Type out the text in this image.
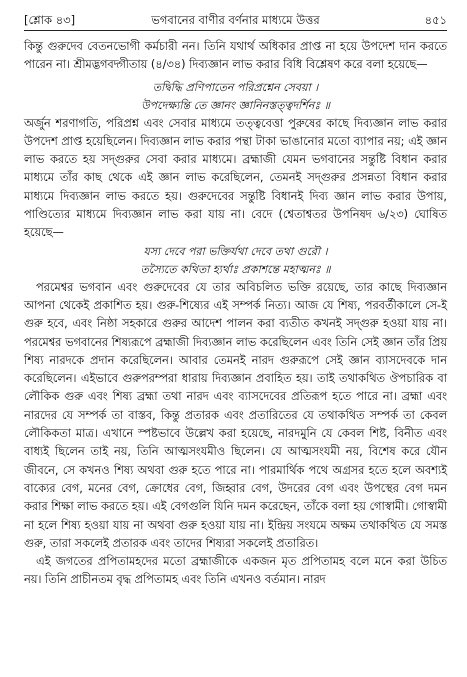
[শ্লোক ৪৩]	ভগবানের বাণীর বর্ণনার মাধ্যমে উত্তর	৪৫১

কিন্তু গুরুদেব বেতনভোগী কর্মচারী নন। তিনি যথার্থ অধিকার প্রাপ্ত না হয়ে উপদেশ দান করতে পারেন না। শ্রীমদ্ভগবদ্গীতায় (৪/৩৪) দিব্যজ্ঞান লাভ করার বিধি বিশ্লেষণ করে বলা হয়েছে—

তদ্বিদ্ধি প্রণিপাতেন পরিপ্রশ্নেন সেবয়া ।

উপদেক্ষ্যন্তি তে জ্ঞানং জ্ঞানিনস্তত্ত্বদর্শিনঃ ॥

অর্জুন শরণাগতি, পরিপ্রশ্ন এবং সেবার মাধ্যমে তত্ত্ববেত্তা পুরুষের কাছে দিব্যজ্ঞান লাভ করার উপদেশ প্রাপ্ত হয়েছিলেন। দিব্যজ্ঞান লাভ করার পন্থা টাকা ভাঙানোর মতো ব্যাপার নয়; এই জ্ঞান লাভ করতে হয় সদ্গুরুর সেবা করার মাধ্যমে। ব্রহ্মাজী যেমন ভগবানের সন্তুষ্টি বিধান করার মাধ্যমে তাঁর কাছ থেকে এই জ্ঞান লাভ করেছিলেন, তেমনই সদ্গুরুর প্রসন্নতা বিধান করার মাধ্যমে দিব্যজ্ঞান লাভ করতে হয়। গুরুদেবের সন্তুষ্টি বিধানই দিব্য জ্ঞান লাভ করার উপায়, পাণ্ডিত্যের মাধ্যমে দিব্যজ্ঞান লাভ করা যায় না। বেদে (শ্বেতাশ্বতর উপনিষদ ৬/২৩) ঘোষিত হয়েছে—

যস্য দেবে পরা ভক্তির্যথা দেবে তথা গুরৌ ।

তস্যৈতে কথিতা হ্যর্থাঃ প্রকাশন্তে মহাত্মনঃ ॥

পরমেশ্বর ভগবান এবং গুরুদেবের যে তার অবিচলিত ভক্তি রয়েছে, তার কাছে দিব্যজ্ঞান আপনা থেকেই প্রকাশিত হয়। গুরু-শিষ্যের এই সম্পর্ক নিত্য। আজ যে শিষ্য, পরবর্তীকালে সে-ই গুরু হবে, এবং নিষ্ঠা সহকারে গুরুর আদেশ পালন করা ব্যতীত কখনই সদ্গুরু হওয়া যায় না। পরমেশ্বর ভগবানের শিষ্যরূপে ব্রহ্মাজী দিব্যজ্ঞান লাভ করেছিলেন এবং তিনি সেই জ্ঞান তাঁর প্রিয় শিষ্য নারদকে প্রদান করেছিলেন। আবার তেমনই নারদ গুরুরূপে সেই জ্ঞান ব্যাসদেবকে দান করেছিলেন। এইভাবে গুরুপরম্পরা ধারায় দিব্যজ্ঞান প্রবাহিত হয়। তাই তথাকথিত ঔপচারিক বা লৌকিক গুরু এবং শিষ্য ব্রহ্মা তথা নারদ এবং ব্যাসদেবের প্রতিরূপ হতে পারে না। ব্রহ্মা এবং নারদের যে সম্পর্ক তা বাস্তব, কিন্তু প্রতারক এবং প্রতারিতের যে তথাকথিত সম্পর্ক তা কেবল লৌকিকতা মাত্র। এখানে স্পষ্টভাবে উল্লেখ করা হয়েছে, নারদমুনি যে কেবল শিষ্ট, বিনীত এবং বাধ্যই ছিলেন তাই নয়, তিনি আত্মসংযমীও ছিলেন। যে আত্মসংযমী নয়, বিশেষ করে যৌন জীবনে, সে কখনও শিষ্য অথবা গুরু হতে পারে না। পারমার্থিক পথে অগ্রসর হতে হলে অবশ্যই বাক্যের বেগ, মনের বেগ, ক্রোধের বেগ, জিহ্বার বেগ, উদরের বেগ এবং উপস্থের বেগ দমন করার শিক্ষা লাভ করতে হয়। এই বেগগুলি যিনি দমন করেছেন, তাঁকে বলা হয় গোস্বামী। গোস্বামী না হলে শিষ্য হওয়া যায় না অথবা গুরু হওয়া যায় না। ইন্দ্রিয় সংযমে অক্ষম তথাকথিত যে সমস্ত গুরু, তারা সকলেই প্রতারক এবং তাদের শিষ্যরা সকলেই প্রতারিত।

এই জগতের প্রপিতামহদের মতো ব্রহ্মাজীকে একজন মৃত প্রপিতামহ বলে মনে করা উচিত নয়। তিনি প্রাচীনতম বৃদ্ধ প্রপিতামহ এবং তিনি এখনও বর্তমান। নারদ
